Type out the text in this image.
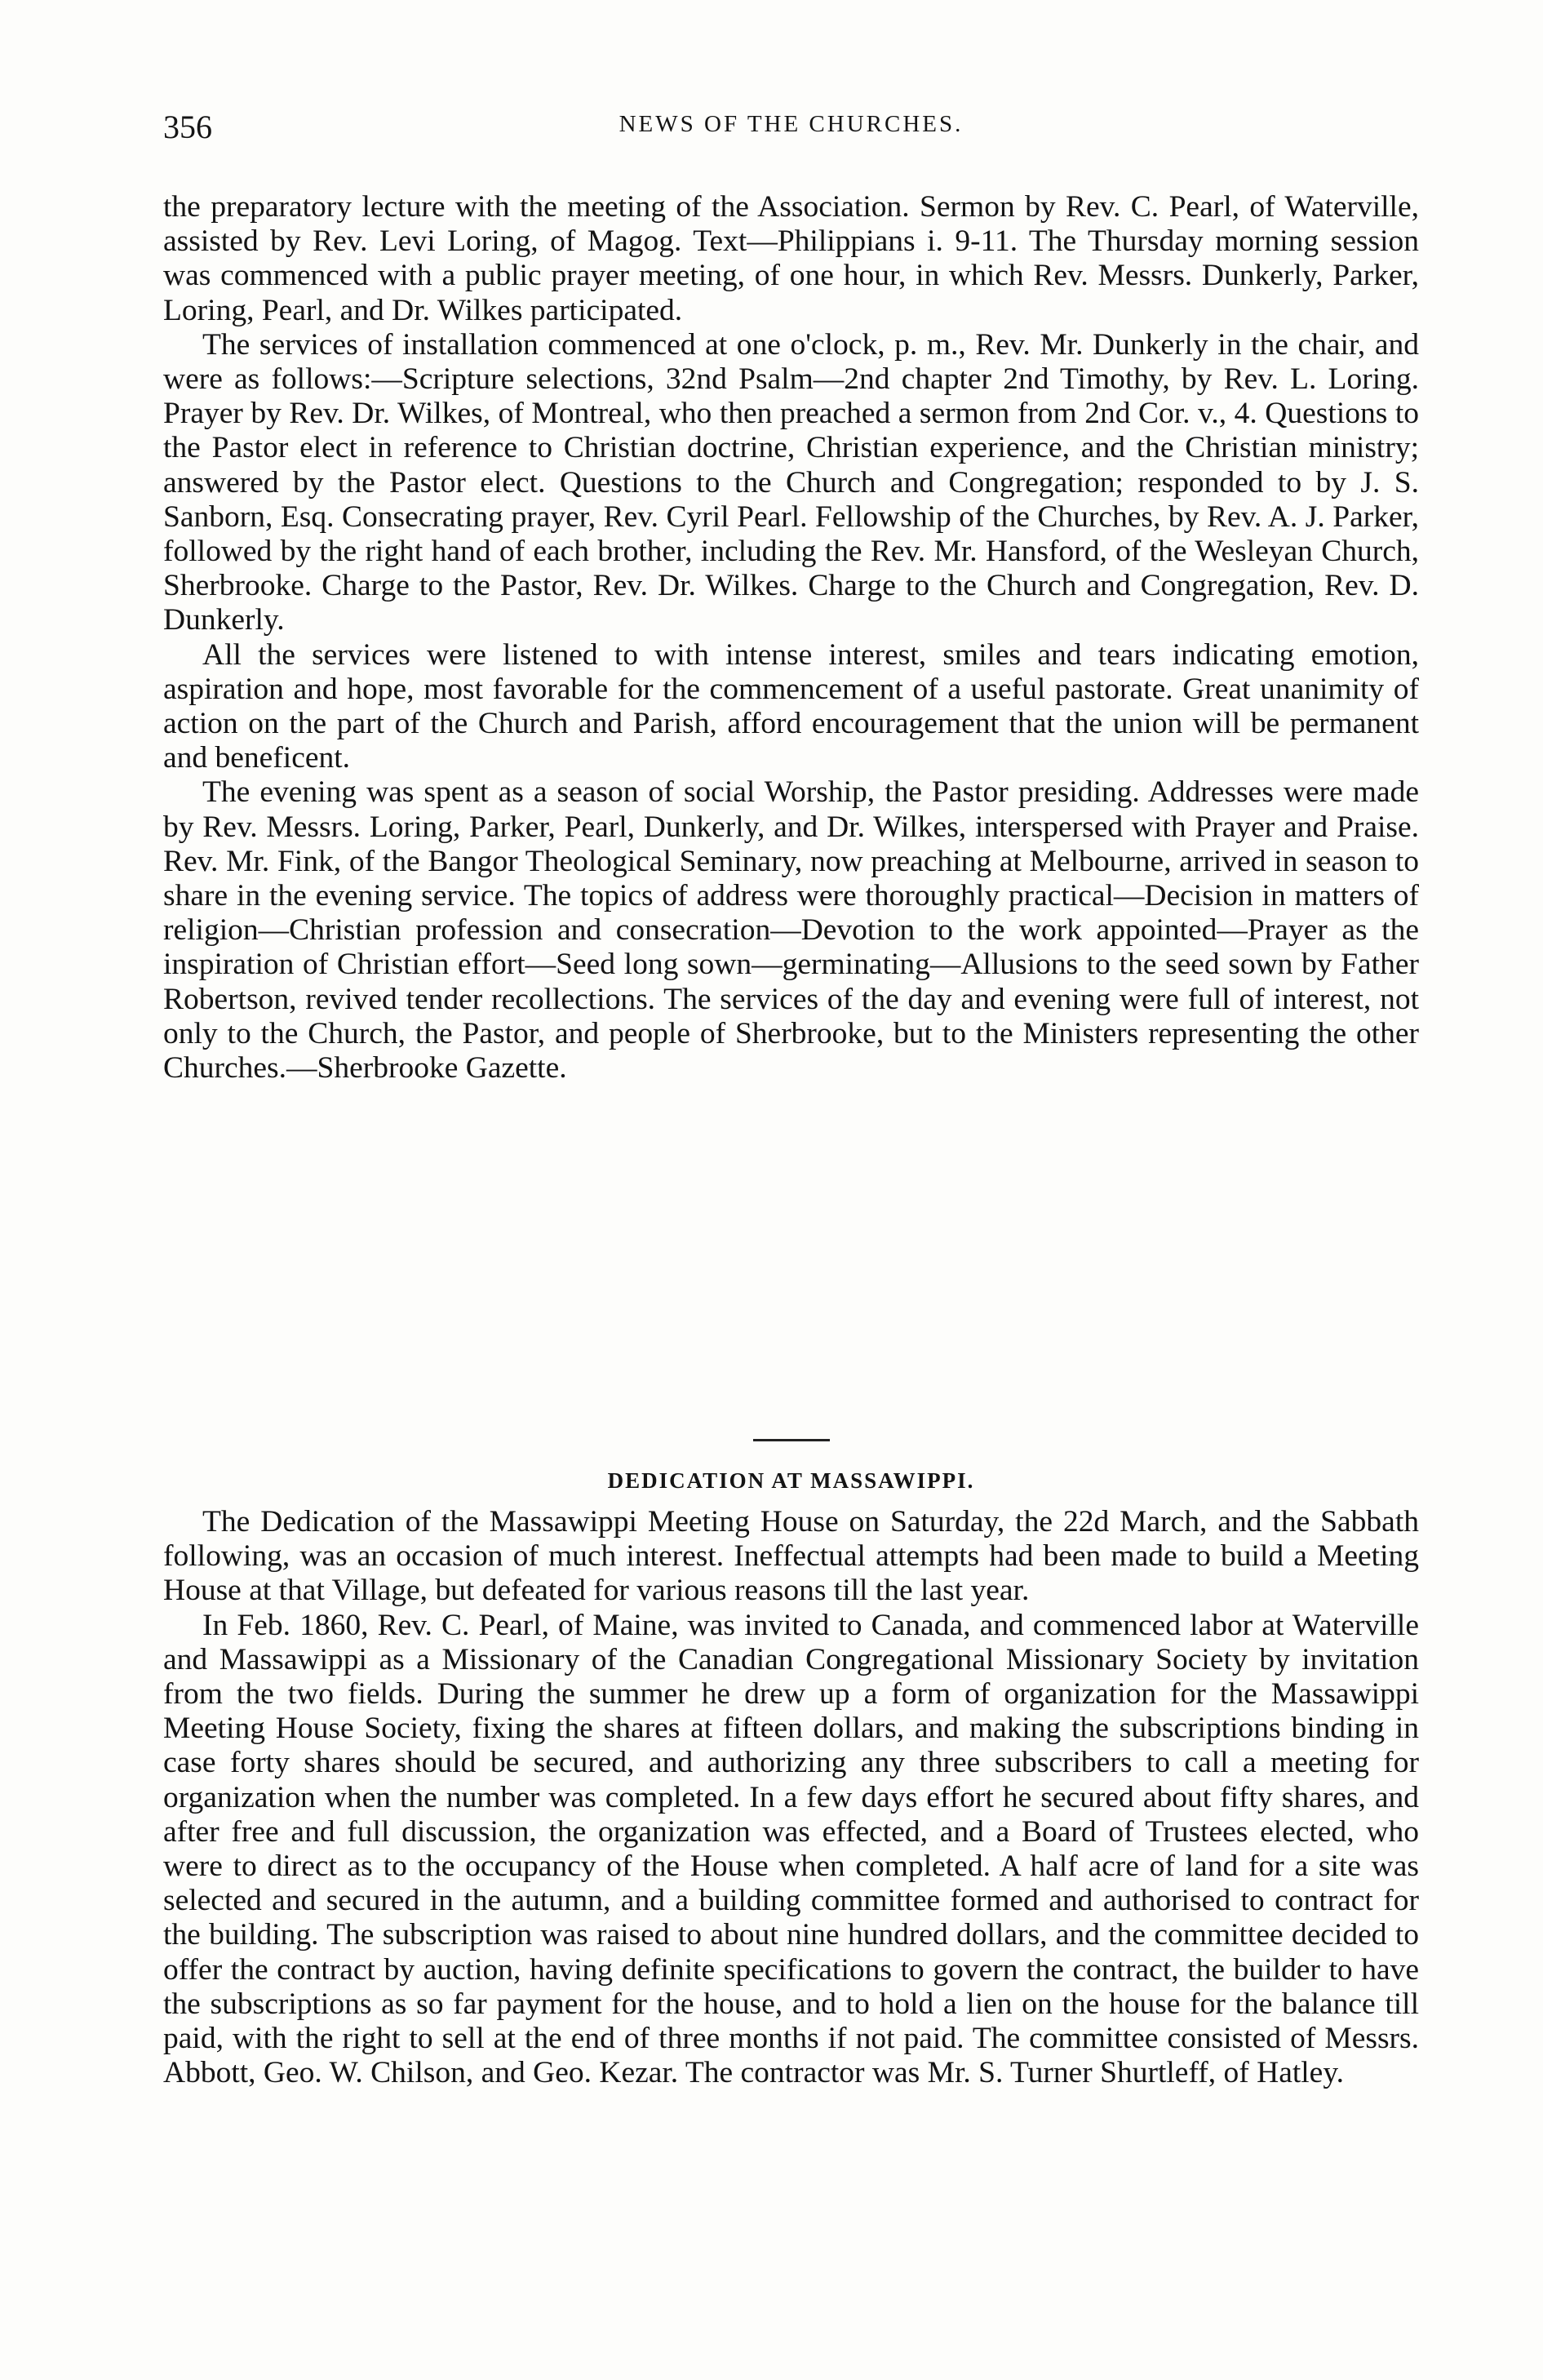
356	NEWS OF THE CHURCHES.

the preparatory lecture with the meeting of the Association. Sermon by Rev. C. Pearl, of Waterville, assisted by Rev. Levi Loring, of Magog. Text—Philippians i. 9-11. The Thursday morning session was commenced with a public prayer meeting, of one hour, in which Rev. Messrs. Dunkerly, Parker, Loring, Pearl, and Dr. Wilkes participated.

The services of installation commenced at one o'clock, p. m., Rev. Mr. Dunkerly in the chair, and were as follows:—Scripture selections, 32nd Psalm—2nd chapter 2nd Timothy, by Rev. L. Loring. Prayer by Rev. Dr. Wilkes, of Montreal, who then preached a sermon from 2nd Cor. v., 4. Questions to the Pastor elect in reference to Christian doctrine, Christian experience, and the Christian ministry; answered by the Pastor elect. Questions to the Church and Congregation; responded to by J. S. Sanborn, Esq. Consecrating prayer, Rev. Cyril Pearl. Fellowship of the Churches, by Rev. A. J. Parker, followed by the right hand of each brother, including the Rev. Mr. Hansford, of the Wesleyan Church, Sherbrooke. Charge to the Pastor, Rev. Dr. Wilkes. Charge to the Church and Congregation, Rev. D. Dunkerly.

All the services were listened to with intense interest, smiles and tears indicating emotion, aspiration and hope, most favorable for the commencement of a useful pastorate. Great unanimity of action on the part of the Church and Parish, afford encouragement that the union will be permanent and beneficent.

The evening was spent as a season of social Worship, the Pastor presiding. Addresses were made by Rev. Messrs. Loring, Parker, Pearl, Dunkerly, and Dr. Wilkes, interspersed with Prayer and Praise. Rev. Mr. Fink, of the Bangor Theological Seminary, now preaching at Melbourne, arrived in season to share in the evening service. The topics of address were thoroughly practical—Decision in matters of religion—Christian profession and consecration—Devotion to the work appointed—Prayer as the inspiration of Christian effort—Seed long sown—germinating—Allusions to the seed sown by Father Robertson, revived tender recollections. The services of the day and evening were full of interest, not only to the Church, the Pastor, and people of Sherbrooke, but to the Ministers representing the other Churches.—Sherbrooke Gazette.

DEDICATION AT MASSAWIPPI.

The Dedication of the Massawippi Meeting House on Saturday, the 22d March, and the Sabbath following, was an occasion of much interest. Ineffectual attempts had been made to build a Meeting House at that Village, but defeated for various reasons till the last year.

In Feb. 1860, Rev. C. Pearl, of Maine, was invited to Canada, and commenced labor at Waterville and Massawippi as a Missionary of the Canadian Congregational Missionary Society by invitation from the two fields. During the summer he drew up a form of organization for the Massawippi Meeting House Society, fixing the shares at fifteen dollars, and making the subscriptions binding in case forty shares should be secured, and authorizing any three subscribers to call a meeting for organization when the number was completed. In a few days effort he secured about fifty shares, and after free and full discussion, the organization was effected, and a Board of Trustees elected, who were to direct as to the occupancy of the House when completed. A half acre of land for a site was selected and secured in the autumn, and a building committee formed and authorised to contract for the building. The subscription was raised to about nine hundred dollars, and the committee decided to offer the contract by auction, having definite specifications to govern the contract, the builder to have the subscriptions as so far payment for the house, and to hold a lien on the house for the balance till paid, with the right to sell at the end of three months if not paid. The committee consisted of Messrs. Abbott, Geo. W. Chilson, and Geo. Kezar. The contractor was Mr. S. Turner Shurtleff, of Hatley.
